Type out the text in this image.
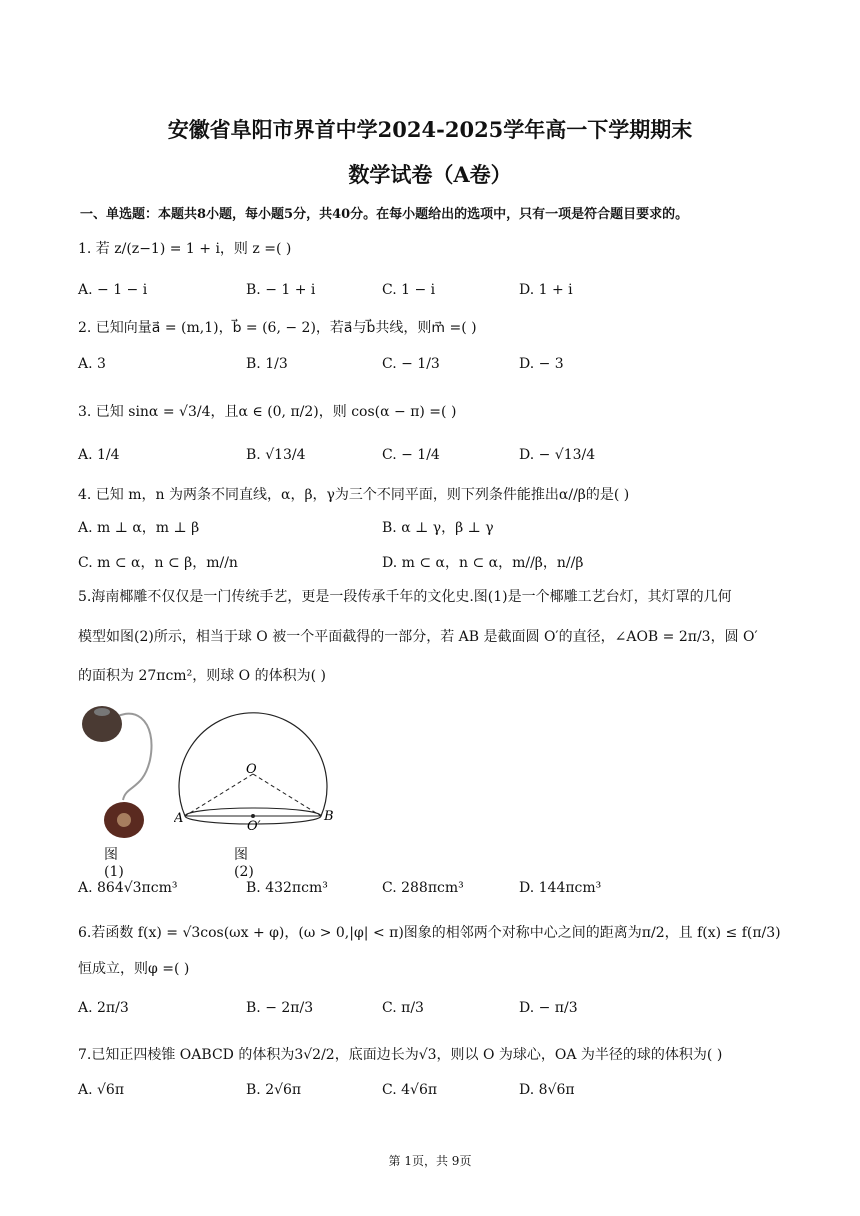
安徽省阜阳市界首中学2024-2025学年高一下学期期末
数学试卷（A卷）
一、单选题：本题共8小题，每小题5分，共40分。在每小题给出的选项中，只有一项是符合题目要求的。
1. 若 z/(z−1) = 1 + i，则 z =( )
A. − 1 − i	B. − 1 + i	C. 1 − i	D. 1 + i
2. 已知向量a⃗ = (m,1)，b⃗ = (6, − 2)，若a⃗与b⃗共线，则m⃗ =( )
A. 3	B. 1/3	C. − 1/3	D. − 3
3. 已知 sinα = √3/4，且α ∈ (0, π/2)，则 cos(α − π) =( )
A. 1/4	B. √13/4	C. − 1/4	D. − √13/4
4. 已知 m，n 为两条不同直线，α，β，γ为三个不同平面，则下列条件能推出α//β的是( )
A. m ⊥ α，m ⊥ β	B. α ⊥ γ，β ⊥ γ
C. m ⊂ α，n ⊂ β，m//n	D. m ⊂ α，n ⊂ α，m//β，n//β
5.海南椰雕不仅仅是一门传统手艺，更是一段传承千年的文化史.图(1)是一个椰雕工艺台灯，其灯罩的几何
模型如图(2)所示，相当于球 O 被一个平面截得的一部分，若 AB 是截面圆 O′的直径，∠AOB = 2π/3，圆 O′
的面积为 27πcm²，则球 O 的体积为( )
O
A	B
O′
图(1)
图(2)
A. 864√3πcm³	B. 432πcm³	C. 288πcm³	D. 144πcm³
6.若函数 f(x) = √3cos(ωx + φ)，(ω > 0,|φ| < π)图象的相邻两个对称中心之间的距离为π/2，且 f(x) ≤ f(π/3)
恒成立，则φ =( )
A. 2π/3	B. − 2π/3	C. π/3	D. − π/3
7.已知正四棱锥 OABCD 的体积为3√2/2，底面边长为√3，则以 O 为球心，OA 为半径的球的体积为( )
A. √6π	B. 2√6π	C. 4√6π	D. 8√6π
第 1页，共 9页
